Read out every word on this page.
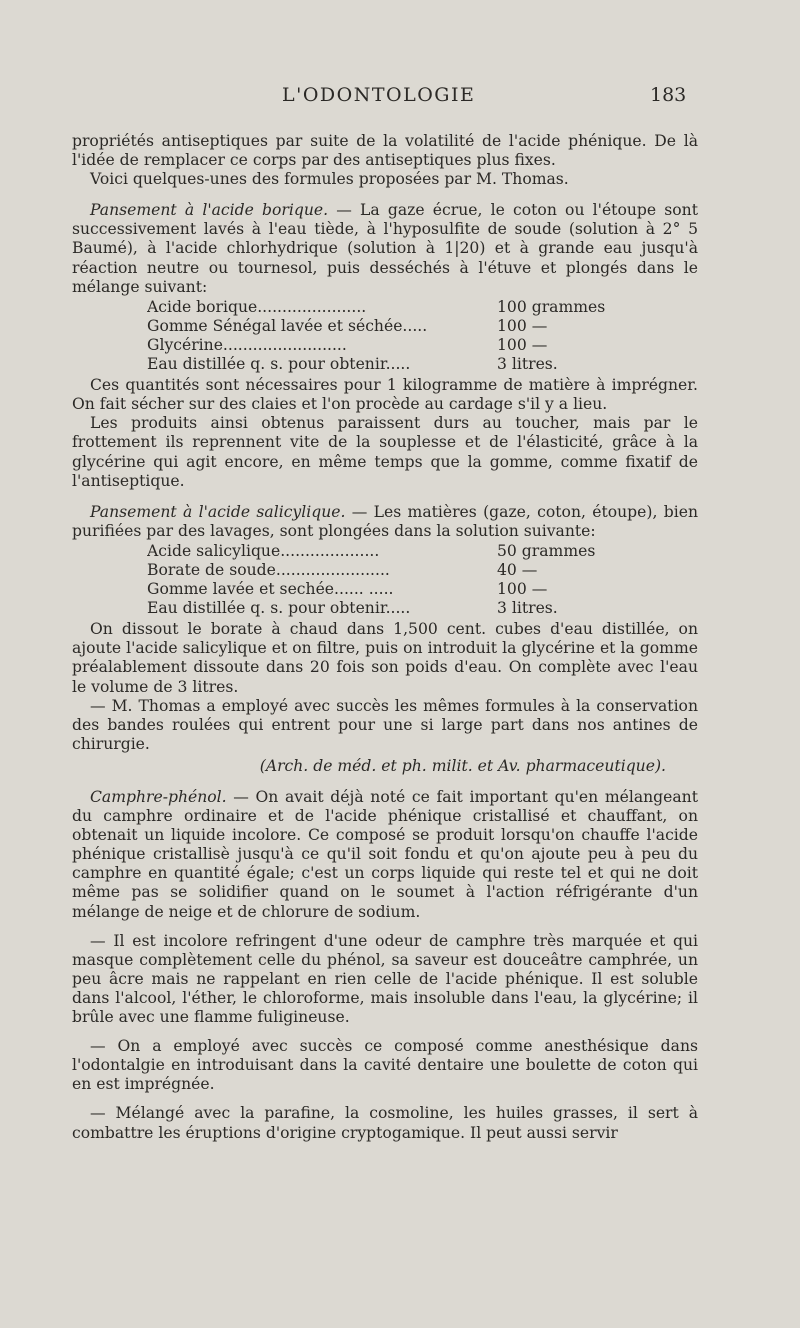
L'ODONTOLOGIE	183

propriétés antiseptiques par suite de la volatilité de l'acide phénique. De là l'idée de remplacer ce corps par des antiseptiques plus fixes.

Voici quelques-unes des formules proposées par M. Thomas.

Pansement à l'acide borique. — La gaze écrue, le coton ou l'étoupe sont successivement lavés à l'eau tiède, à l'hyposulfite de soude (solution à 2° 5 Baumé), à l'acide chlorhydrique (solution à 1|20) et à grande eau jusqu'à réaction neutre ou tournesol, puis desséchés à l'étuve et plongés dans le mélange suivant:

Acide borique......................	100 grammes
Gomme Sénégal lavée et séchée.....	100 —
Glycérine.........................	100 —
Eau distillée q. s. pour obtenir.....	3 litres.

Ces quantités sont nécessaires pour 1 kilogramme de matière à imprégner. On fait sécher sur des claies et l'on procède au cardage s'il y a lieu.

Les produits ainsi obtenus paraissent durs au toucher, mais par le frottement ils reprennent vite de la souplesse et de l'élasticité, grâce à la glycérine qui agit encore, en même temps que la gomme, comme fixatif de l'antiseptique.

Pansement à l'acide salicylique. — Les matières (gaze, coton, étoupe), bien purifiées par des lavages, sont plongées dans la solution suivante:

Acide salicylique....................	50 grammes
Borate de soude.......................	40 —
Gomme lavée et sechée...... .....	100 —
Eau distillée q. s. pour obtenir.....	3 litres.

On dissout le borate à chaud dans 1,500 cent. cubes d'eau distillée, on ajoute l'acide salicylique et on filtre, puis on introduit la glycérine et la gomme préalablement dissoute dans 20 fois son poids d'eau. On complète avec l'eau le volume de 3 litres.

— M. Thomas a employé avec succès les mêmes formules à la conservation des bandes roulées qui entrent pour une si large part dans nos antines de chirurgie.

(Arch. de méd. et ph. milit. et Av. pharmaceutique).

Camphre-phénol. — On avait déjà noté ce fait important qu'en mélangeant du camphre ordinaire et de l'acide phénique cristallisé et chauffant, on obtenait un liquide incolore. Ce composé se produit lorsqu'on chauffe l'acide phénique cristallisè jusqu'à ce qu'il soit fondu et qu'on ajoute peu à peu du camphre en quantité égale; c'est un corps liquide qui reste tel et qui ne doit même pas se solidifier quand on le soumet à l'action réfrigérante d'un mélange de neige et de chlorure de sodium.

— Il est incolore refringent d'une odeur de camphre très marquée et qui masque complètement celle du phénol, sa saveur est douceâtre camphrée, un peu âcre mais ne rappelant en rien celle de l'acide phénique. Il est soluble dans l'alcool, l'éther, le chloroforme, mais insoluble dans l'eau, la glycérine; il brûle avec une flamme fuligineuse.

— On a employé avec succès ce composé comme anesthésique dans l'odontalgie en introduisant dans la cavité dentaire une boulette de coton qui en est imprégnée.

— Mélangé avec la parafine, la cosmoline, les huiles grasses, il sert à combattre les éruptions d'origine cryptogamique. Il peut aussi servir
